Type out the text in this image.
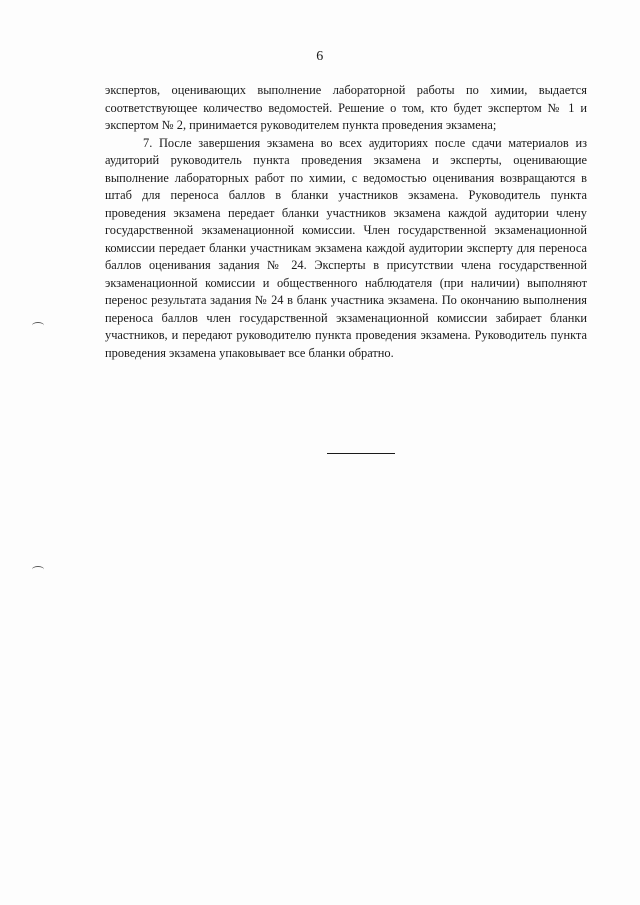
6

экспертов, оценивающих выполнение лабораторной работы по химии, выдается соответствующее количество ведомостей. Решение о том, кто будет экспертом № 1 и экспертом № 2, принимается руководителем пункта проведения экзамена;

7. После завершения экзамена во всех аудиториях после сдачи материалов из аудиторий руководитель пункта проведения экзамена и эксперты, оценивающие выполнение лабораторных работ по химии, с ведомостью оценивания возвращаются в штаб для переноса баллов в бланки участников экзамена. Руководитель пункта проведения экзамена передает бланки участников экзамена каждой аудитории члену государственной экзаменационной комиссии. Член государственной экзаменационной комиссии передает бланки участникам экзамена каждой аудитории эксперту для переноса баллов оценивания задания № 24. Эксперты в присутствии члена государственной экзаменационной комиссии и общественного наблюдателя (при наличии) выполняют перенос результата задания № 24 в бланк участника экзамена. По окончанию выполнения переноса баллов член государственной экзаменационной комиссии забирает бланки участников, и передают руководителю пункта проведения экзамена. Руководитель пункта проведения экзамена упаковывает все бланки обратно.
